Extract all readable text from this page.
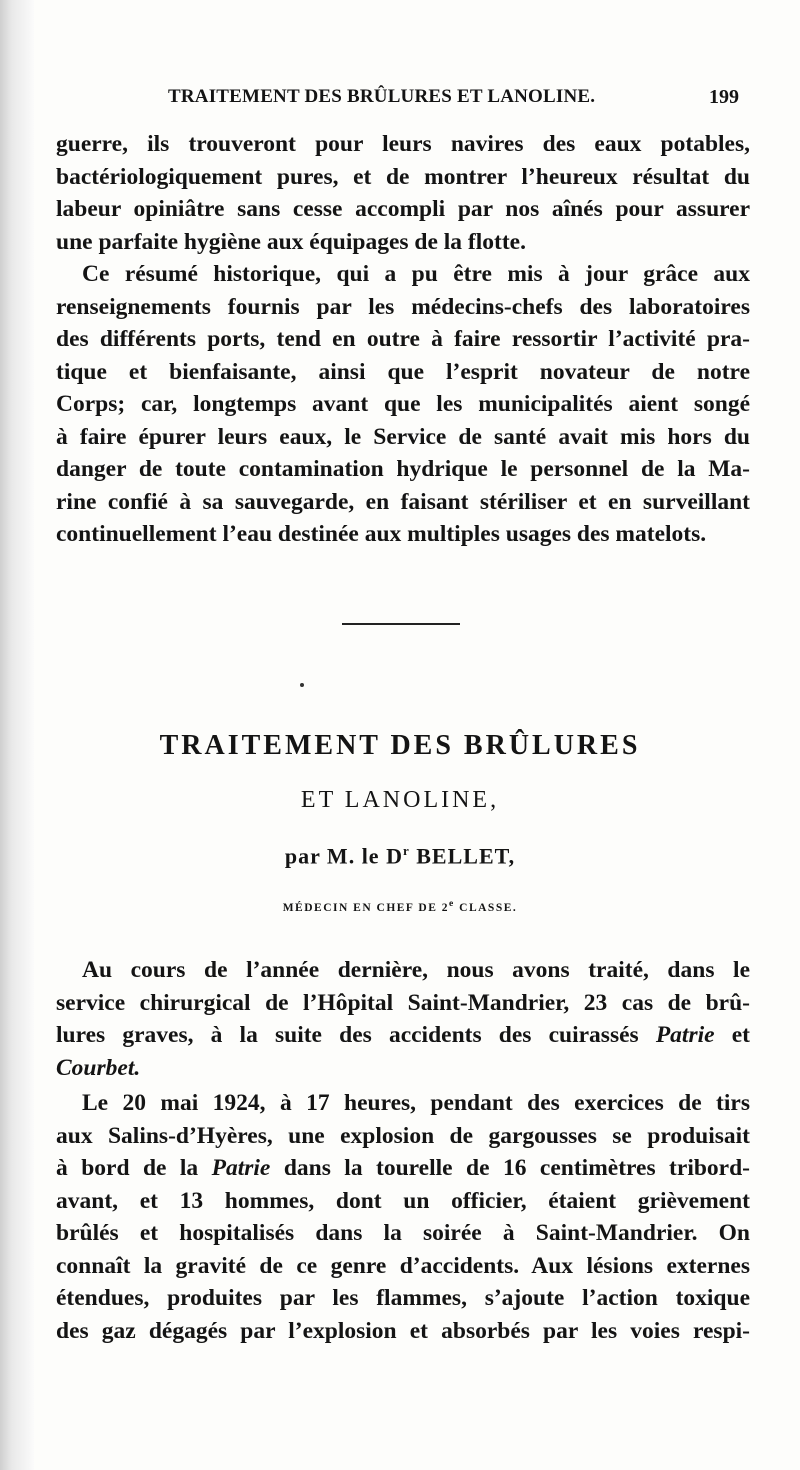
TRAITEMENT DES BRÛLURES ET LANOLINE.	199
guerre, ils trouveront pour leurs navires des eaux potables,
bactériologiquement pures, et de montrer l’heureux résultat du
labeur opiniâtre sans cesse accompli par nos aînés pour assurer
une parfaite hygiène aux équipages de la flotte.
Ce résumé historique, qui a pu être mis à jour grâce aux
renseignements fournis par les médecins-chefs des laboratoires
des différents ports, tend en outre à faire ressortir l’activité pra-
tique et bienfaisante, ainsi que l’esprit novateur de notre
Corps; car, longtemps avant que les municipalités aient songé
à faire épurer leurs eaux, le Service de santé avait mis hors du
danger de toute contamination hydrique le personnel de la Ma-
rine confié à sa sauvegarde, en faisant stériliser et en surveillant
continuellement l’eau destinée aux multiples usages des matelots.
TRAITEMENT DES BRÛLURES
ET LANOLINE,
par M. le $D^r$ BELLET,
MÉDECIN EN CHEF DE 2e CLASSE.
Au cours de l’année dernière, nous avons traité, dans le
service chirurgical de l’Hôpital Saint-Mandrier, 23 cas de brû-
lures graves, à la suite des accidents des cuirassés Patrie et
Courbet.
Le 20 mai 1924, à 17 heures, pendant des exercices de tirs
aux Salins-d’Hyères, une explosion de gargousses se produisait
à bord de la Patrie dans la tourelle de 16 centimètres tribord-
avant, et 13 hommes, dont un officier, étaient grièvement
brûlés et hospitalisés dans la soirée à Saint-Mandrier. On
connaît la gravité de ce genre d’accidents. Aux lésions externes
étendues, produites par les flammes, s’ajoute l’action toxique
des gaz dégagés par l’explosion et absorbés par les voies respi-
